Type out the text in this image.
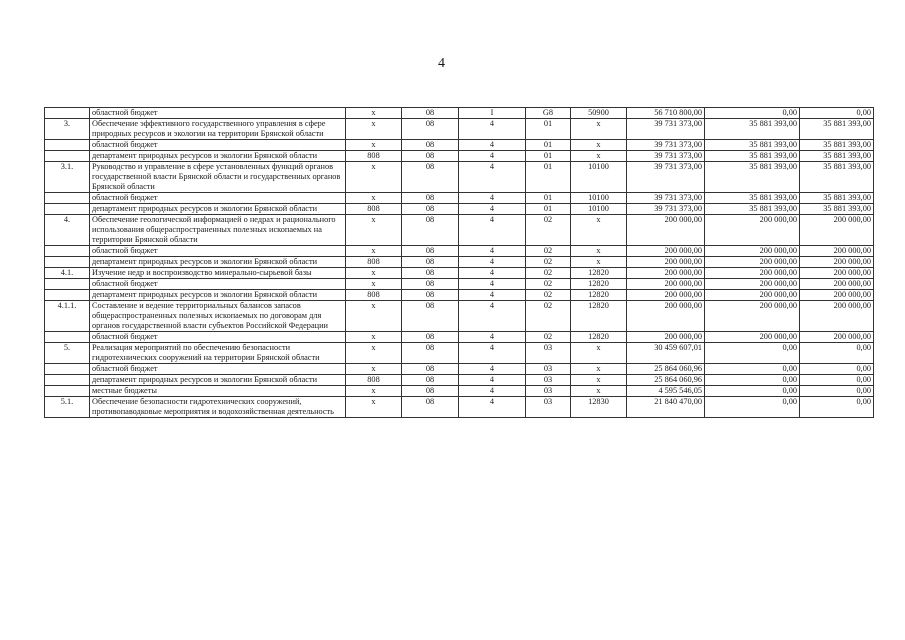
4
	областной бюджет	х	08	I	G8	50900	56 710 800,00	0,00	0,00
3.	Обеспечение эффективного государственного управления в сфере природных ресурсов и экологии на территории Брянской области	х	08	4	01	х	39 731 373,00	35 881 393,00	35 881 393,00
	областной бюджет	х	08	4	01	х	39 731 373,00	35 881 393,00	35 881 393,00
	департамент природных ресурсов и экологии Брянской области	808	08	4	01	х	39 731 373,00	35 881 393,00	35 881 393,00
3.1.	Руководство и управление в сфере установленных функций органов государственной власти Брянской области и государственных органов Брянской области	х	08	4	01	10100	39 731 373,00	35 881 393,00	35 881 393,00
	областной бюджет	х	08	4	01	10100	39 731 373,00	35 881 393,00	35 881 393,00
	департамент природных ресурсов и экологии Брянской области	808	08	4	01	10100	39 731 373,00	35 881 393,00	35 881 393,00
4.	Обеспечение геологической информацией о недрах и рационального использования общераспространенных полезных ископаемых на территории Брянской области	х	08	4	02	х	200 000,00	200 000,00	200 000,00
	областной бюджет	х	08	4	02	х	200 000,00	200 000,00	200 000,00
	департамент природных ресурсов и экологии Брянской области	808	08	4	02	х	200 000,00	200 000,00	200 000,00
4.1.	Изучение недр и воспроизводство минерально-сырьевой базы	х	08	4	02	12820	200 000,00	200 000,00	200 000,00
	областной бюджет	х	08	4	02	12820	200 000,00	200 000,00	200 000,00
	департамент природных ресурсов и экологии Брянской области	808	08	4	02	12820	200 000,00	200 000,00	200 000,00
4.1.1.	Составление и ведение территориальных балансов запасов общераспространенных полезных ископаемых по договорам для органов государственной власти субъектов Российской Федерации	х	08	4	02	12820	200 000,00	200 000,00	200 000,00
	областной бюджет	х	08	4	02	12820	200 000,00	200 000,00	200 000,00
5.	Реализация мероприятий по обеспечению безопасности гидротехнических сооружений на территории Брянской области	х	08	4	03	х	30 459 607,01	0,00	0,00
	областной бюджет	х	08	4	03	х	25 864 060,96	0,00	0,00
	департамент природных ресурсов и экологии Брянской области	808	08	4	03	х	25 864 060,96	0,00	0,00
	местные бюджеты	х	08	4	03	х	4 595 546,05	0,00	0,00
5.1.	Обеспечение безопасности гидротехнических сооружений, противопаводковые мероприятия и водохозяйственная деятельность	х	08	4	03	12830	21 840 470,00	0,00	0,00
